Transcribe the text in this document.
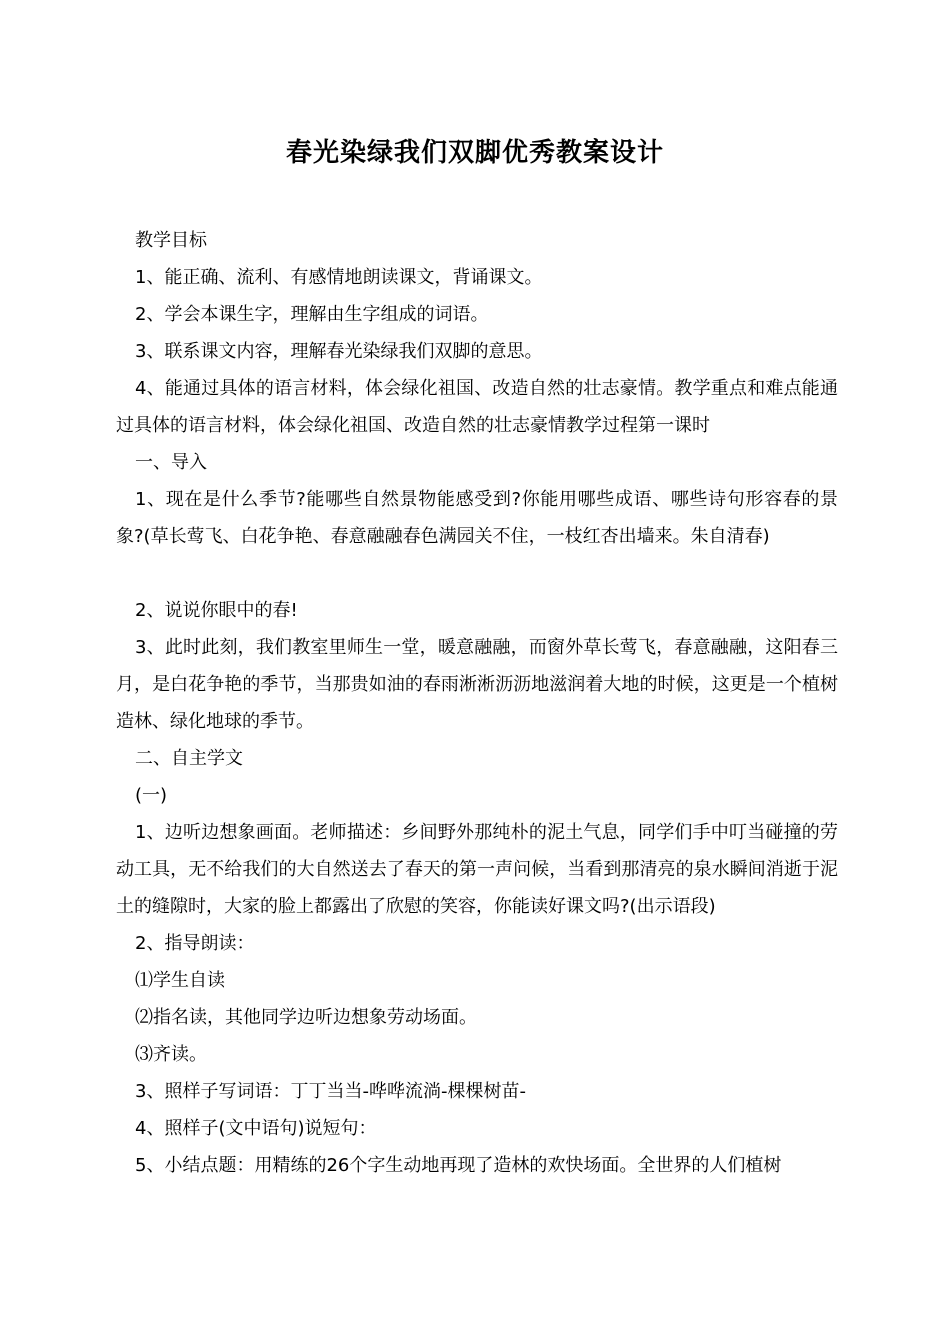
春光染绿我们双脚优秀教案设计

教学目标

1、能正确、流利、有感情地朗读课文，背诵课文。

2、学会本课生字，理解由生字组成的词语。

3、联系课文内容，理解春光染绿我们双脚的意思。

4、能通过具体的语言材料，体会绿化祖国、改造自然的壮志豪情。教学重点和难点能通过具体的语言材料，体会绿化祖国、改造自然的壮志豪情教学过程第一课时

一、导入

1、现在是什么季节?能哪些自然景物能感受到?你能用哪些成语、哪些诗句形容春的景象?(草长莺飞、白花争艳、春意融融春色满园关不住，一枝红杏出墙来。朱自清春)

2、说说你眼中的春!

3、此时此刻，我们教室里师生一堂，暖意融融，而窗外草长莺飞，春意融融，这阳春三月，是白花争艳的季节，当那贵如油的春雨淅淅沥沥地滋润着大地的时候，这更是一个植树造林、绿化地球的季节。

二、自主学文

(一)

1、边听边想象画面。老师描述：乡间野外那纯朴的泥土气息，同学们手中叮当碰撞的劳动工具，无不给我们的大自然送去了春天的第一声问候，当看到那清亮的泉水瞬间消逝于泥土的缝隙时，大家的脸上都露出了欣慰的笑容，你能读好课文吗?(出示语段)

2、指导朗读：

⑴学生自读

⑵指名读，其他同学边听边想象劳动场面。

⑶齐读。

3、照样子写词语：丁丁当当-哗哗流淌-棵棵树苗-

4、照样子(文中语句)说短句：

5、小结点题：用精练的26个字生动地再现了造林的欢快场面。全世界的人们植树
